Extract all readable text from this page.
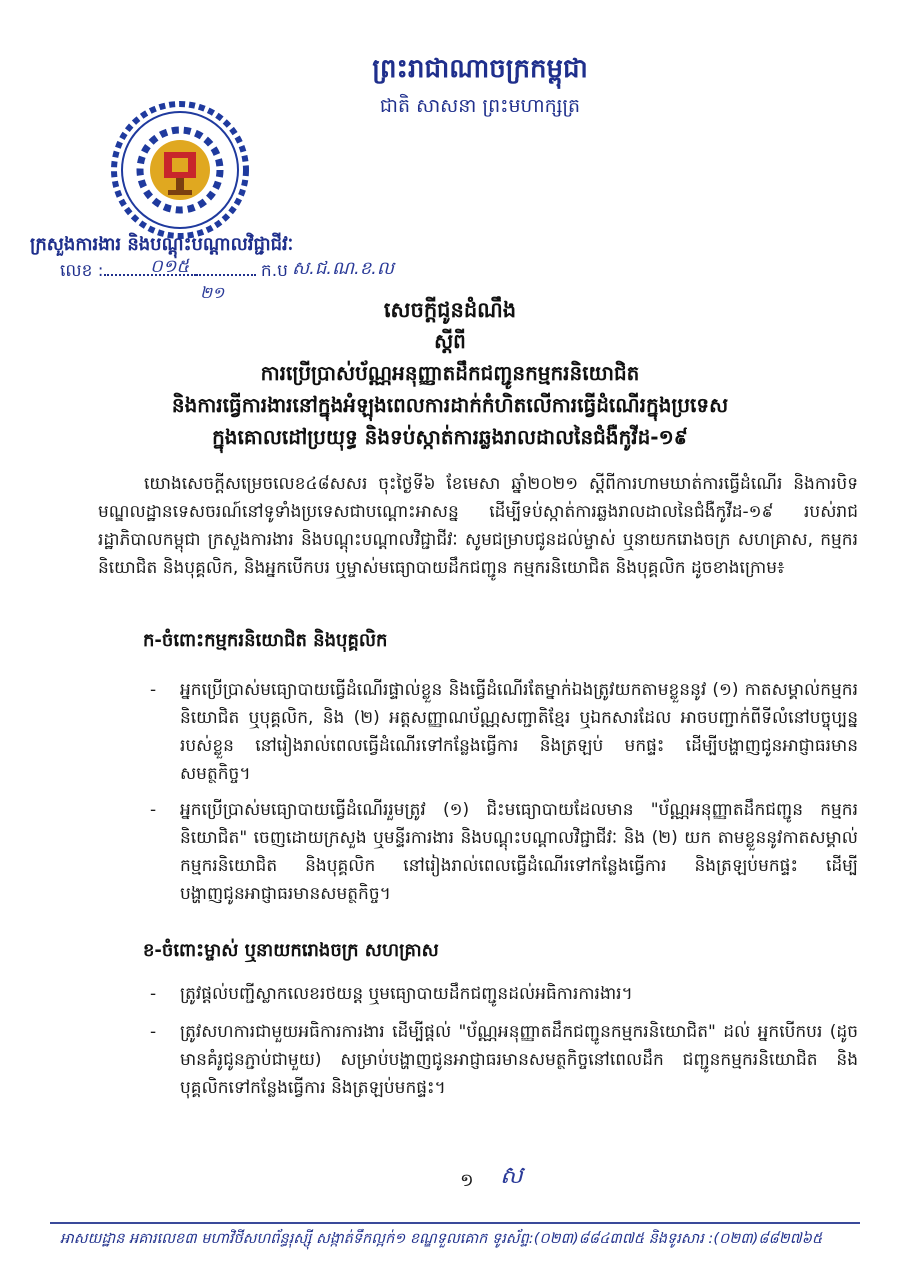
ព្រះរាជាណាចក្រកម្ពុជា
ជាតិ សាសនា ព្រះមហាក្សត្រ
ក្រសួងការងារ និងបណ្តុះបណ្តាលវិជ្ជាជីវៈ
លេខ :	ក.ប
០១៥
២១
ស.ជ.ណ.ខ.ល
សេចក្តីជូនដំណឹង
ស្តីពី
ការប្រើប្រាស់ប័ណ្ណអនុញ្ញាតដឹកជញ្ជូនកម្មករនិយោជិត
និងការធ្វើការងារនៅក្នុងអំឡុងពេលការដាក់កំហិតលើការធ្វើដំណើរក្នុងប្រទេស
ក្នុងគោលដៅប្រយុទ្ធ និងទប់ស្កាត់ការឆ្លងរាលដាលនៃជំងឺកូវីដ-១៩
យោងសេចក្តីសម្រេចលេខ៤៨សសរ ចុះថ្ងៃទី៦ ខែមេសា ឆ្នាំ២០២១ ស្តីពីការហាមឃាត់ការធ្វើដំណើរ និងការបិទមណ្ឌលដ្ឋានទេសចរណ៍នៅទូទាំងប្រទេសជាបណ្តោះអាសន្ន ដើម្បីទប់ស្កាត់ការឆ្លងរាលដាលនៃជំងឺកូវីដ-១៩ របស់រាជរដ្ឋាភិបាលកម្ពុជា ក្រសួងការងារ និងបណ្តុះបណ្តាលវិជ្ជាជីវៈ សូមជម្រាបជូនដល់ម្ចាស់ ឬនាយករោងចក្រ សហគ្រាស, កម្មករនិយោជិត និងបុគ្គលិក, និងអ្នកបើកបរ ឬម្ចាស់មធ្យោបាយដឹកជញ្ជូន កម្មករនិយោជិត និងបុគ្គលិក ដូចខាងក្រោម៖
ក-ចំពោះកម្មករនិយោជិត និងបុគ្គលិក
- អ្នកប្រើប្រាស់មធ្យោបាយធ្វើដំណើរផ្ទាល់ខ្លួន និងធ្វើដំណើរតែម្នាក់ឯងត្រូវយកតាមខ្លួននូវ (១) កាតសម្គាល់កម្មករនិយោជិត ឬបុគ្គលិក, និង (២) អត្តសញ្ញាណប័ណ្ណសញ្ជាតិខ្មែរ ឬឯកសារដែល អាចបញ្ជាក់ពីទីលំនៅបច្ចុប្បន្នរបស់ខ្លួន នៅរៀងរាល់ពេលធ្វើដំណើរទៅកន្លែងធ្វើការ និងត្រឡប់ មកផ្ទះ ដើម្បីបង្ហាញជូនអាជ្ញាធរមានសមត្ថកិច្ច។
- អ្នកប្រើប្រាស់មធ្យោបាយធ្វើដំណើររួមត្រូវ (១) ជិះមធ្យោបាយដែលមាន "ប័ណ្ណអនុញ្ញាតដឹកជញ្ជូន កម្មករនិយោជិត" ចេញដោយក្រសួង ឬមន្ទីរការងារ និងបណ្តុះបណ្តាលវិជ្ជាជីវៈ និង (២) យក តាមខ្លួននូវកាតសម្គាល់កម្មករនិយោជិត និងបុគ្គលិក នៅរៀងរាល់ពេលធ្វើដំណើរទៅកន្លែងធ្វើការ និងត្រឡប់មកផ្ទះ ដើម្បីបង្ហាញជូនអាជ្ញាធរមានសមត្ថកិច្ច។
ខ-ចំពោះម្ចាស់ ឬនាយករោងចក្រ សហគ្រាស
- ត្រូវផ្តល់បញ្ជីស្លាកលេខរថយន្ត ឬមធ្យោបាយដឹកជញ្ជូនដល់អធិការការងារ។
- ត្រូវសហការជាមួយអធិការការងារ ដើម្បីផ្តល់ "ប័ណ្ណអនុញ្ញាតដឹកជញ្ជូនកម្មករនិយោជិត" ដល់ អ្នកបើកបរ (ដូចមានគំរូជូនភ្ជាប់ជាមួយ) សម្រាប់បង្ហាញជូនអាជ្ញាធរមានសមត្ថកិច្ចនៅពេលដឹក ជញ្ជូនកម្មករនិយោជិត និងបុគ្គលិកទៅកន្លែងធ្វើការ និងត្រឡប់មកផ្ទះ។
១ ស
អាសយដ្ឋាន អគារលេខ៣ មហាវិថីសហព័ន្ធរុស្ស៊ី សង្កាត់ទឹកល្អក់១ ខណ្ឌទួលគោក ទូរស័ព្ទ:(០២៣)៨៨៤៣៧៥ និងទូរសារ :(០២៣)៨៨២៧៦៥
